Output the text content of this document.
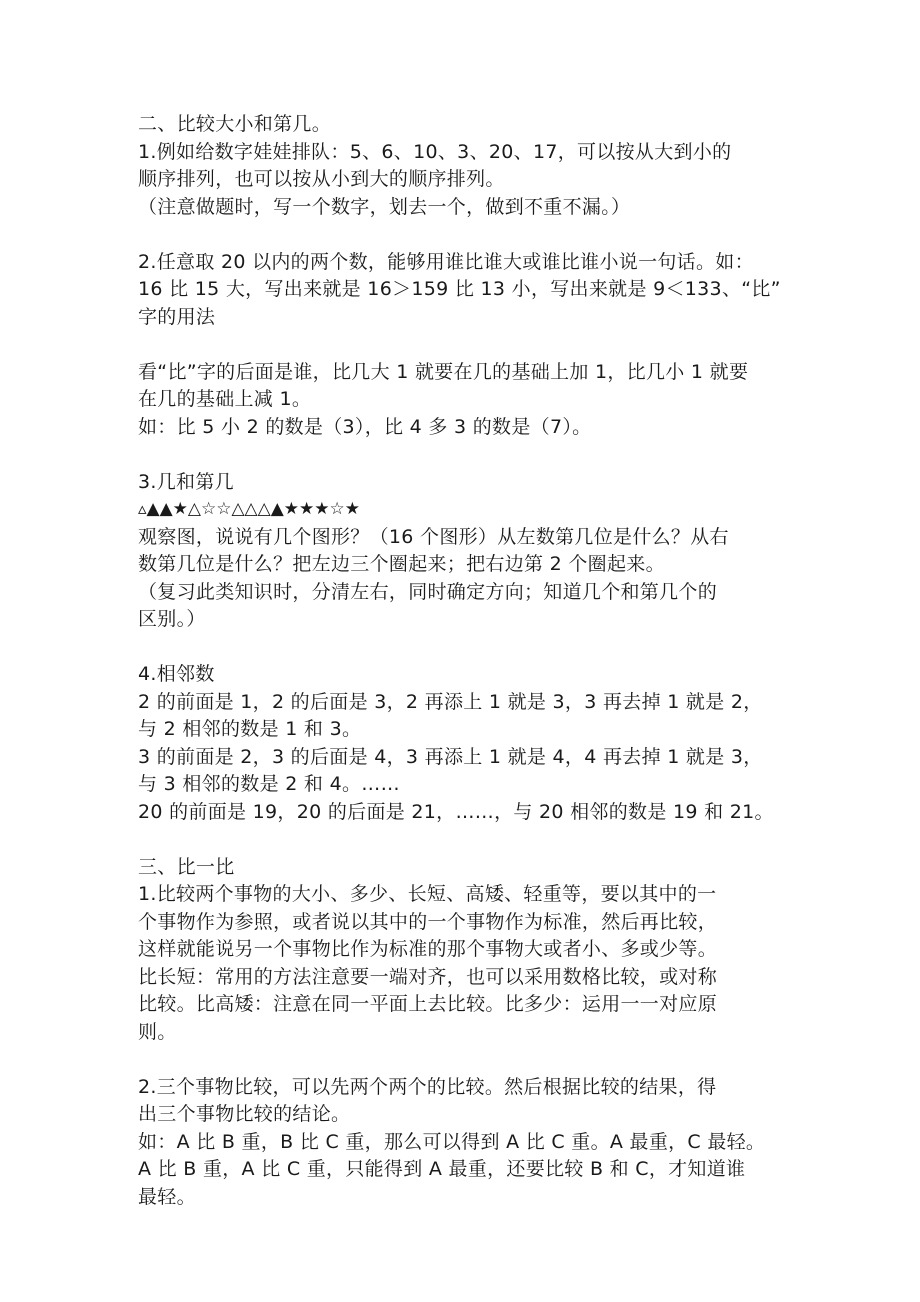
二、比较大小和第几。
1.例如给数字娃娃排队：5、6、10、3、20、17，可以按从大到小的
顺序排列，也可以按从小到大的顺序排列。
（注意做题时，写一个数字，划去一个，做到不重不漏。）
2.任意取 20 以内的两个数，能够用谁比谁大或谁比谁小说一句话。如：
16 比 15 大，写出来就是 16＞159 比 13 小，写出来就是 9＜133、“比”
字的用法
看“比”字的后面是谁，比几大 1 就要在几的基础上加 1，比几小 1 就要
在几的基础上减 1。
如：比 5 小 2 的数是（3），比 4 多 3 的数是（7）。
3.几和第几
▵▲▲★△☆☆△△△▲★★★☆★
观察图，说说有几个图形？（16 个图形）从左数第几位是什么？从右
数第几位是什么？把左边三个圈起来；把右边第 2 个圈起来。
（复习此类知识时，分清左右，同时确定方向；知道几个和第几个的
区别。）
4.相邻数
2 的前面是 1，2 的后面是 3，2 再添上 1 就是 3，3 再去掉 1 就是 2，
与 2 相邻的数是 1 和 3。
3 的前面是 2，3 的后面是 4，3 再添上 1 就是 4，4 再去掉 1 就是 3，
与 3 相邻的数是 2 和 4。……
20 的前面是 19，20 的后面是 21，……，与 20 相邻的数是 19 和 21。
三、比一比
1.比较两个事物的大小、多少、长短、高矮、轻重等，要以其中的一
个事物作为参照，或者说以其中的一个事物作为标准，然后再比较，
这样就能说另一个事物比作为标准的那个事物大或者小、多或少等。
比长短：常用的方法注意要一端对齐，也可以采用数格比较，或对称
比较。比高矮：注意在同一平面上去比较。比多少：运用一一对应原
则。
2.三个事物比较，可以先两个两个的比较。然后根据比较的结果，得
出三个事物比较的结论。
如：A 比 B 重，B 比 C 重，那么可以得到 A 比 C 重。A 最重，C 最轻。
A 比 B 重，A 比 C 重，只能得到 A 最重，还要比较 B 和 C，才知道谁
最轻。
